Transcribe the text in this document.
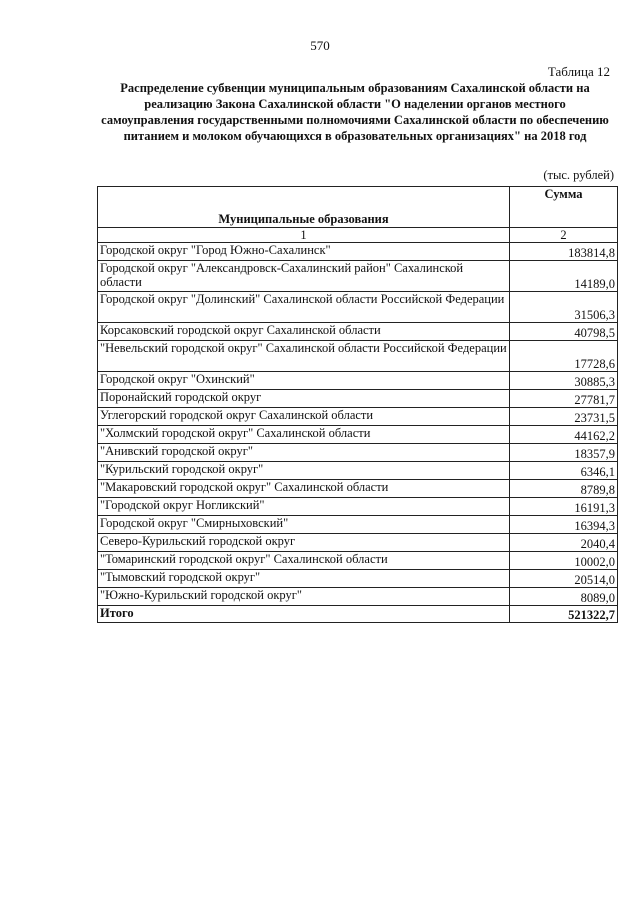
570
Таблица 12
Распределение субвенции муниципальным образованиям Сахалинской области на реализацию Закона Сахалинской области "О наделении органов местного самоуправления государственными полномочиями Сахалинской области по обеспечению питанием и молоком обучающихся в образовательных организациях" на 2018 год
(тыс. рублей)
Муниципальные образования	Сумма
1	2
Городской округ "Город Южно-Сахалинск"	183814,8
Городской округ "Александровск-Сахалинский район" Сахалинской области	14189,0
Городской округ "Долинский" Сахалинской области Российской Федерации	31506,3
Корсаковский городской округ Сахалинской области	40798,5
"Невельский городской округ" Сахалинской области Российской Федерации	17728,6
Городской округ "Охинский"	30885,3
Поронайский городской округ	27781,7
Углегорский городской округ Сахалинской области	23731,5
"Холмский городской округ" Сахалинской области	44162,2
"Анивский городской округ"	18357,9
"Курильский городской округ"	6346,1
"Макаровский городской округ" Сахалинской области	8789,8
"Городской округ Ногликский"	16191,3
Городской округ "Смирныховский"	16394,3
Северо-Курильский городской округ	2040,4
"Томаринский городской округ" Сахалинской области	10002,0
"Тымовский городской округ"	20514,0
"Южно-Курильский городской округ"	8089,0
Итого	521322,7
